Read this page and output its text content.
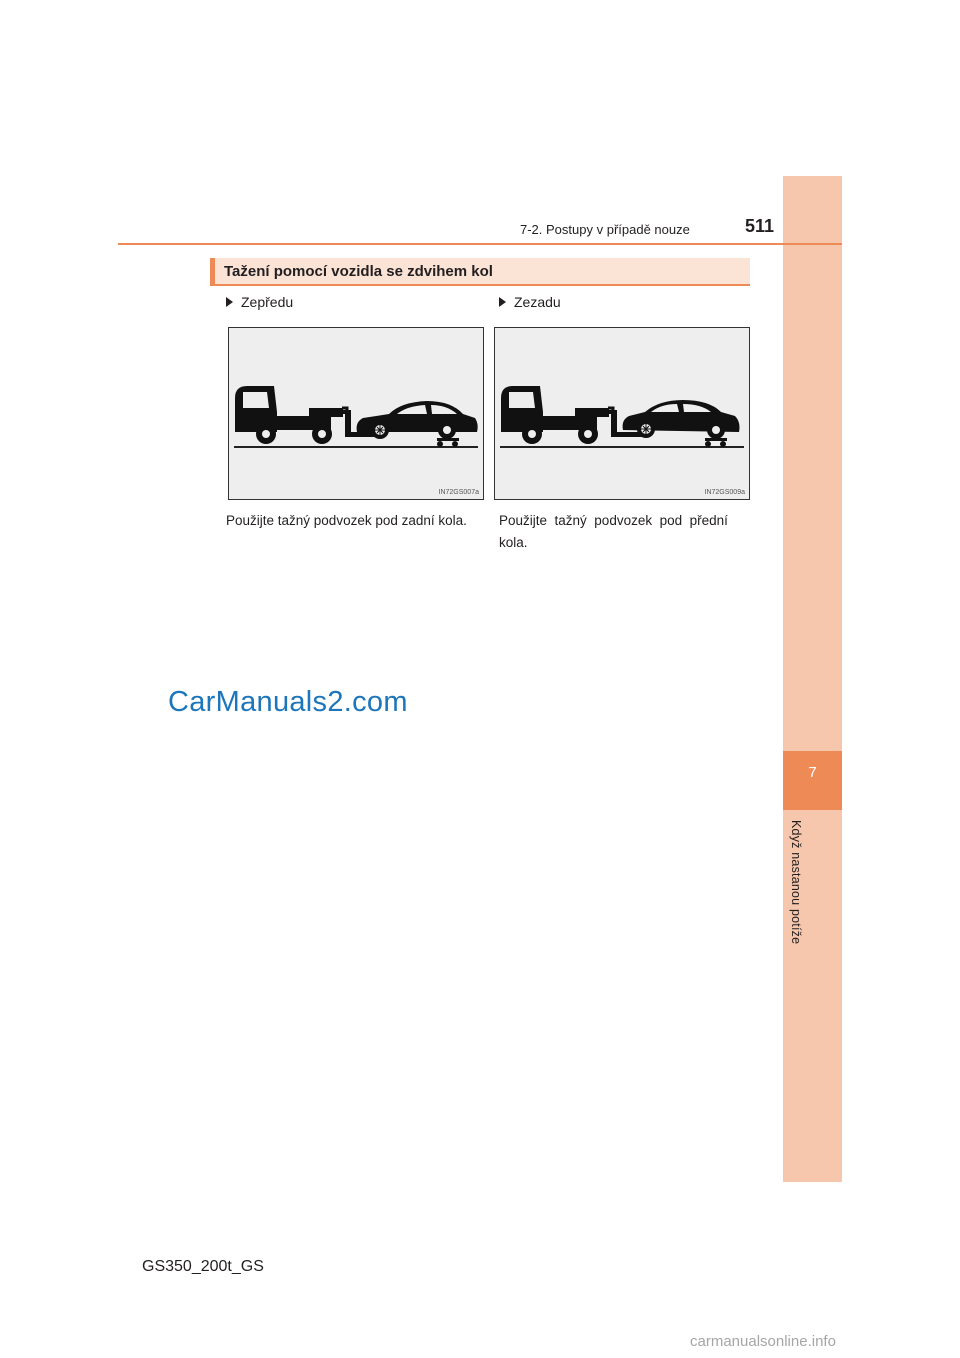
7
Když nastanou potíže
7-2. Postupy v případě nouze	511
Tažení pomocí vozidla se zdvihem kol
Zepředu
IN72GS007a
Použijte tažný podvozek pod zadní kola.
Zezadu
IN72GS009a
Použijte  tažný  podvozek  pod  přední
kola.
CarManuals2.com
GS350_200t_GS
carmanualsonline.info
